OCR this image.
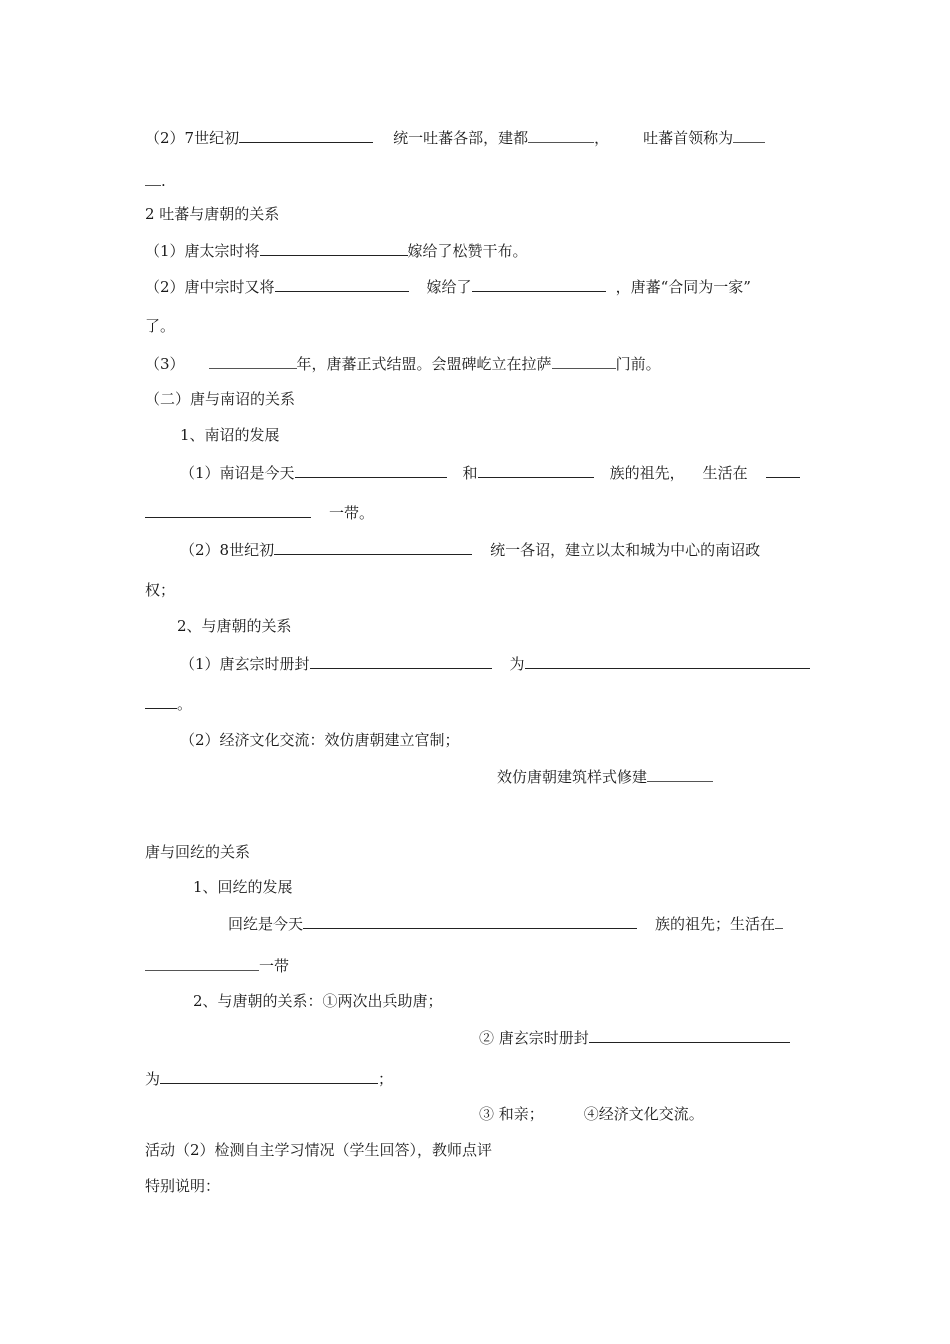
（2）7世纪初	统一吐蕃各部，建都	， 吐蕃首领称为
.
2 吐蕃与唐朝的关系
（1）唐太宗时将	嫁给了松赞干布。
（2）唐中宗时又将	嫁给了	，唐蕃“合同为一家”
了。
（3）	年，唐蕃正式结盟。会盟碑屹立在拉萨	门前。
（二）唐与南诏的关系
1、南诏的发展
（1）南诏是今天	和	族的祖先， 生活在
一带。
（2）8世纪初	统一各诏，建立以太和城为中心的南诏政
权；
2、与唐朝的关系
（1）唐玄宗时册封	为
。
（2）经济文化交流：效仿唐朝建立官制；
效仿唐朝建筑样式修建
唐与回纥的关系
1、回纥的发展
回纥是今天	族的祖先；生活在
一带
2、与唐朝的关系：①两次出兵助唐；
② 唐玄宗时册封
为	；
③ 和亲；	④经济文化交流。
活动（2）检测自主学习情况（学生回答），教师点评
特别说明：
